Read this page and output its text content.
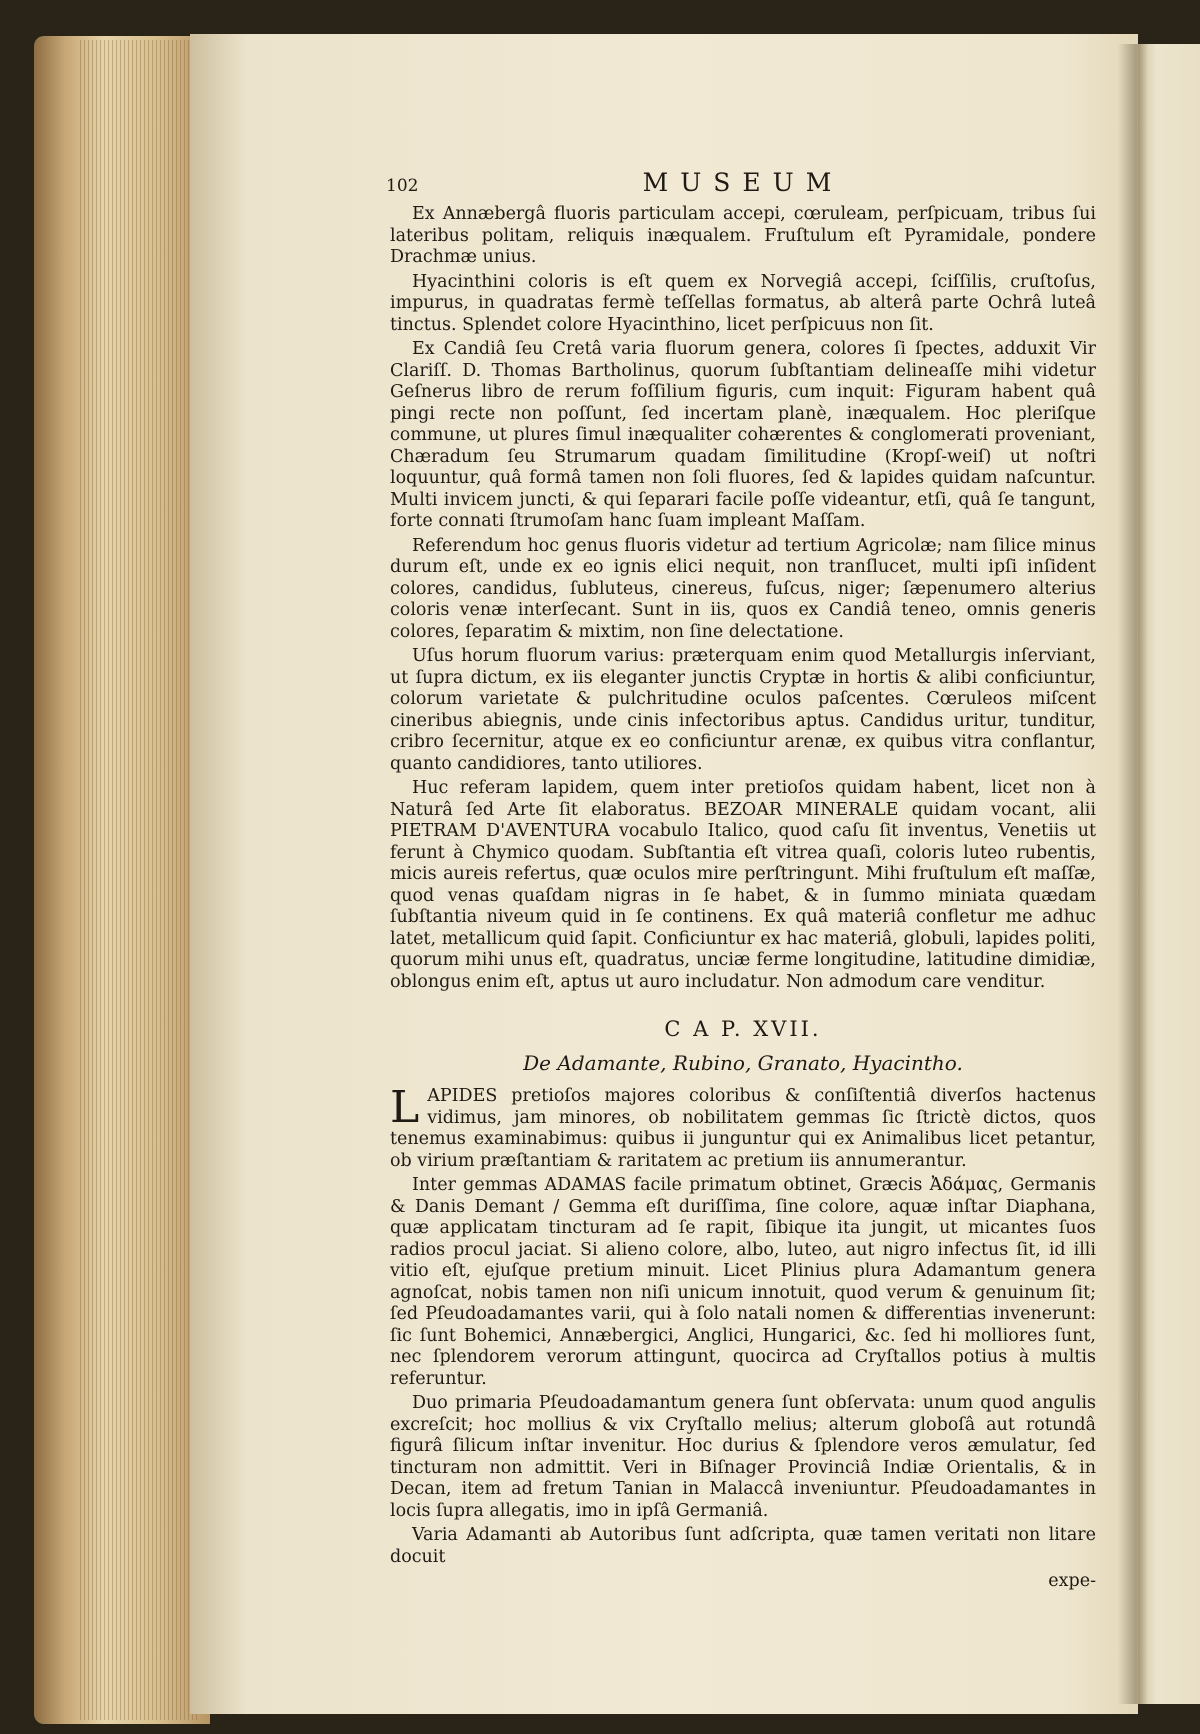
102	MUSEUM

Ex Annæbergâ fluoris particulam accepi, cœruleam, perſpicuam, tribus ſui lateribus politam, reliquis inæqualem. Fruſtulum eſt Pyramidale, pondere Drachmæ unius.

Hyacinthini coloris is eſt quem ex Norvegiâ accepi, ſciſſilis, cruſtoſus, impurus, in quadratas fermè teſſellas formatus, ab alterâ parte Ochrâ luteâ tinctus. Splendet colore Hyacinthino, licet perſpicuus non ſit.

Ex Candiâ ſeu Cretâ varia fluorum genera, colores ſi ſpectes, adduxit Vir Clariſſ. D. Thomas Bartholinus, quorum ſubſtantiam delineaſſe mihi videtur Geſnerus libro de rerum foſſilium figuris, cum inquit: Figuram habent quâ pingi recte non poſſunt, ſed incertam planè, inæqualem. Hoc pleriſque commune, ut plures ſimul inæqualiter cohærentes & conglomerati proveniant, Chæradum ſeu Strumarum quadam ſimilitudine (Kropſ-weiſ) ut noſtri loquuntur, quâ formâ tamen non ſoli fluores, ſed & lapides quidam naſcuntur. Multi invicem juncti, & qui ſeparari facile poſſe videantur, etſi, quâ ſe tangunt, forte connati ſtrumoſam hanc ſuam impleant Maſſam.

Referendum hoc genus fluoris videtur ad tertium Agricolæ; nam ſilice minus durum eſt, unde ex eo ignis elici nequit, non tranſlucet, multi ipſi inſident colores, candidus, ſubluteus, cinereus, fuſcus, niger; ſæpenumero alterius coloris venæ interſecant. Sunt in iis, quos ex Candiâ teneo, omnis generis colores, ſeparatim & mixtim, non ſine delectatione.

Uſus horum fluorum varius: præterquam enim quod Metallurgis inſerviant, ut ſupra dictum, ex iis eleganter junctis Cryptæ in hortis & alibi conficiuntur, colorum varietate & pulchritudine oculos paſcentes. Cœruleos miſcent cineribus abiegnis, unde cinis infectoribus aptus. Candidus uritur, tunditur, cribro ſecernitur, atque ex eo conficiuntur arenæ, ex quibus vitra conflantur, quanto candidiores, tanto utiliores.

Huc referam lapidem, quem inter pretioſos quidam habent, licet non à Naturâ ſed Arte ſit elaboratus. BEZOAR MINERALE quidam vocant, alii PIETRAM D'AVENTURA vocabulo Italico, quod caſu ſit inventus, Venetiis ut ferunt à Chymico quodam. Subſtantia eſt vitrea quaſi, coloris luteo rubentis, micis aureis refertus, quæ oculos mire perſtringunt. Mihi fruſtulum eſt maſſæ, quod venas quaſdam nigras in ſe habet, & in ſummo miniata quædam ſubſtantia niveum quid in ſe continens. Ex quâ materiâ confletur me adhuc latet, metallicum quid ſapit. Conficiuntur ex hac materiâ, globuli, lapides politi, quorum mihi unus eſt, quadratus, unciæ ferme longitudine, latitudine dimidiæ, oblongus enim eſt, aptus ut auro includatur. Non admodum care venditur.

C A P. XVII.
De Adamante, Rubino, Granato, Hyacintho.

LAPIDES pretioſos majores coloribus & conſiſtentiâ diverſos hactenus vidimus, jam minores, ob nobilitatem gemmas ſic ſtrictè dictos, quos tenemus examinabimus: quibus ii junguntur qui ex Animalibus licet petantur, ob virium præſtantiam & raritatem ac pretium iis annumerantur.

Inter gemmas ADAMAS facile primatum obtinet, Græcis Ἀδάμας, Germanis & Danis Demant / Gemma eſt duriſſima, ſine colore, aquæ inſtar Diaphana, quæ applicatam tincturam ad ſe rapit, ſibique ita jungit, ut micantes ſuos radios procul jaciat. Si alieno colore, albo, luteo, aut nigro infectus ſit, id illi vitio eſt, ejuſque pretium minuit. Licet Plinius plura Adamantum genera agnoſcat, nobis tamen non niſi unicum innotuit, quod verum & genuinum ſit; ſed Pſeudoadamantes varii, qui à ſolo natali nomen & differentias invenerunt: ſic ſunt Bohemici, Annæbergici, Anglici, Hungarici, &c. ſed hi molliores ſunt, nec ſplendorem verorum attingunt, quocirca ad Cryſtallos potius à multis referuntur.

Duo primaria Pſeudoadamantum genera ſunt obſervata: unum quod angulis excreſcit; hoc mollius & vix Cryſtallo melius; alterum globoſâ aut rotundâ figurâ ſilicum inſtar invenitur. Hoc durius & ſplendore veros æmulatur, ſed tincturam non admittit. Veri in Biſnager Provinciâ Indiæ Orientalis, & in Decan, item ad fretum Tanian in Malaccâ inveniuntur. Pſeudoadamantes in locis ſupra allegatis, imo in ipſâ Germaniâ.

Varia Adamanti ab Autoribus ſunt adſcripta, quæ tamen veritati non litare docuit

expe-
